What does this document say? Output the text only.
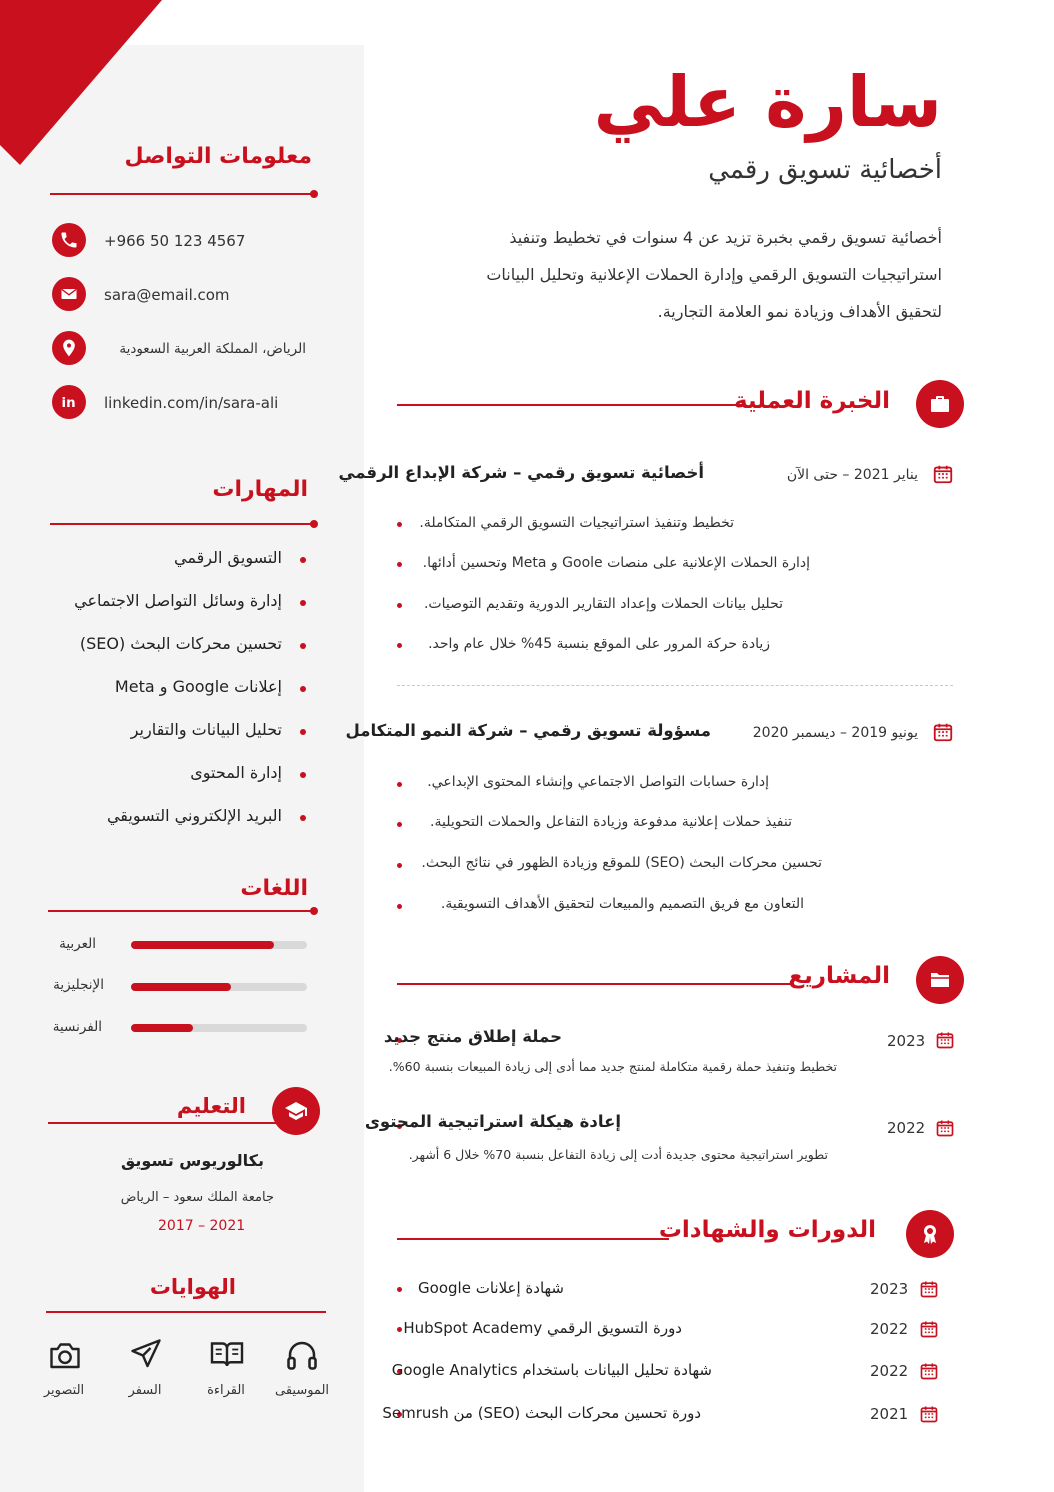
معلومات التواصل
+966 50 123 4567
sara@email.com
الرياض، المملكة العربية السعودية
in linkedin.com/in/sara-ali
المهارات
التسويق الرقمي
إدارة وسائل التواصل الاجتماعي
تحسين محركات البحث (SEO)
إعلانات Google و Meta
تحليل البيانات والتقارير
إدارة المحتوى
البريد الإلكتروني التسويقي
اللغات
العربية
الإنجليزية
الفرنسية
التعليم
بكالوريوس تسويق
جامعة الملك سعود – الرياض
2017 – 2021
الهوايات
الموسيقى
القراءة
السفر
التصوير
سارة علي
أخصائية تسويق رقمي
أخصائية تسويق رقمي بخبرة تزيد عن 4 سنوات في تخطيط وتنفيذ
استراتيجيات التسويق الرقمي وإدارة الحملات الإعلانية وتحليل البيانات
لتحقيق الأهداف وزيادة نمو العلامة التجارية.
الخبرة العملية
أخصائية تسويق رقمي – شركة الإبداع الرقمي	يناير 2021 – حتى الآن
تخطيط وتنفيذ استراتيجيات التسويق الرقمي المتكاملة.
إدارة الحملات الإعلانية على منصات Goole و Meta وتحسين أدائها.
تحليل بيانات الحملات وإعداد التقارير الدورية وتقديم التوصيات.
زيادة حركة المرور على الموقع بنسبة 45% خلال عام واحد.
مسؤولة تسويق رقمي – شركة النمو المتكامل	يونيو 2019 – ديسمبر 2020
إدارة حسابات التواصل الاجتماعي وإنشاء المحتوى الإبداعي.
تنفيذ حملات إعلانية مدفوعة وزيادة التفاعل والحملات التحويلية.
تحسين محركات البحث (SEO) للموقع وزيادة الظهور في نتائج البحث.
التعاون مع فريق التصميم والمبيعات لتحقيق الأهداف التسويقية.
المشاريع
حملة إطلاق منتج جديد
تخطيط وتنفيذ حملة رقمية متكاملة لمنتج جديد مما أدى إلى زيادة المبيعات بنسبة 60%.
2023
إعادة هيكلة استراتيجية المحتوى
تطوير استراتيجية محتوى جديدة أدت إلى زيادة التفاعل بنسبة 70% خلال 6 أشهر.
2022
الدورات والشهادات
شهادة إعلانات Google	2023
دورة التسويق الرقمي HubSpot Academy	2022
شهادة تحليل البيانات باستخدام Google Analytics	2022
دورة تحسين محركات البحث (SEO) من Semrush	2021
